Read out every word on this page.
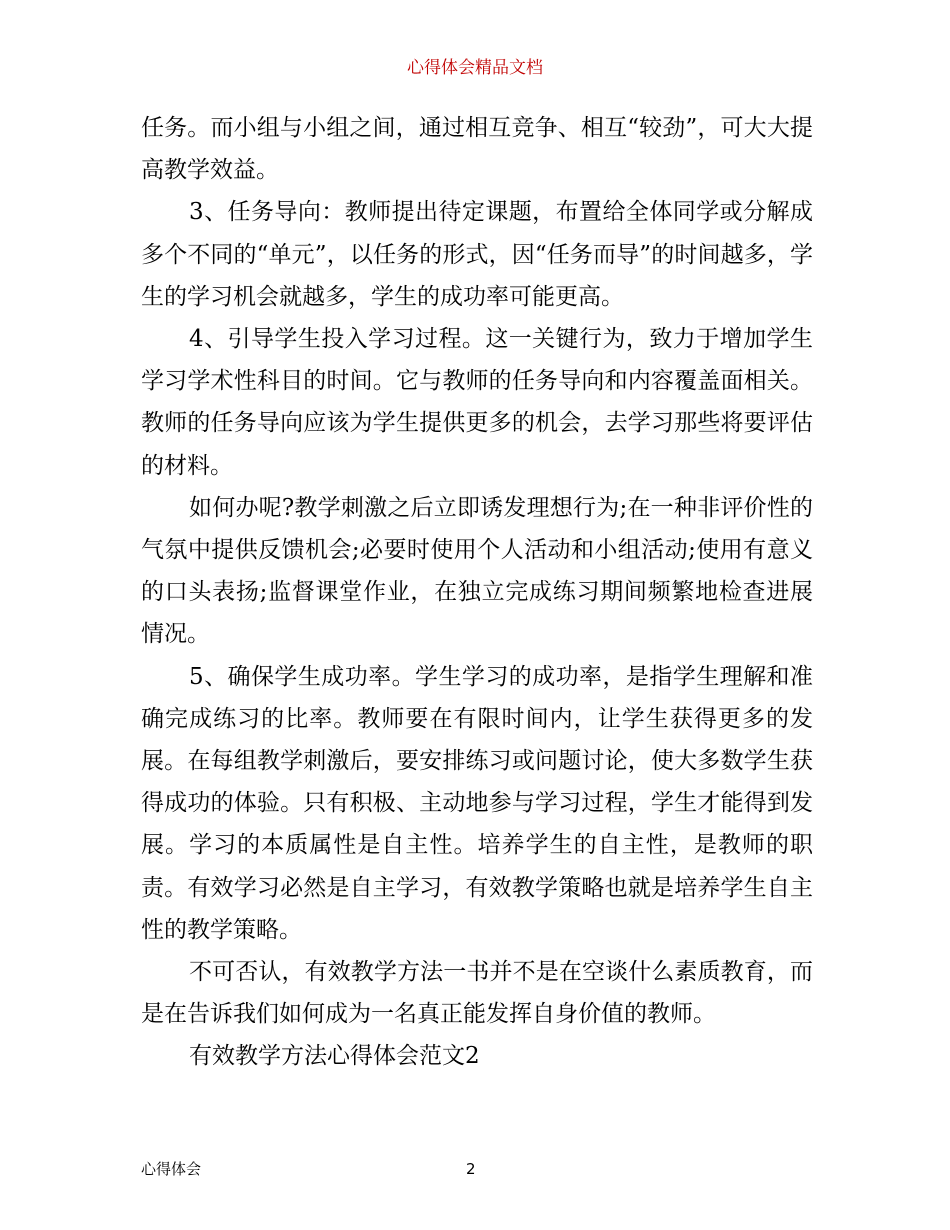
心得体会精品文档

任务。而小组与小组之间，通过相互竞争、相互“较劲”，可大大提高教学效益。

3、任务导向：教师提出待定课题，布置给全体同学或分解成多个不同的“单元”，以任务的形式，因“任务而导”的时间越多，学生的学习机会就越多，学生的成功率可能更高。

4、引导学生投入学习过程。这一关键行为，致力于增加学生学习学术性科目的时间。它与教师的任务导向和内容覆盖面相关。教师的任务导向应该为学生提供更多的机会，去学习那些将要评估的材料。

如何办呢?教学刺激之后立即诱发理想行为;在一种非评价性的气氛中提供反馈机会;必要时使用个人活动和小组活动;使用有意义的口头表扬;监督课堂作业，在独立完成练习期间频繁地检查进展情况。

5、确保学生成功率。学生学习的成功率，是指学生理解和准确完成练习的比率。教师要在有限时间内，让学生获得更多的发展。在每组教学刺激后，要安排练习或问题讨论，使大多数学生获得成功的体验。只有积极、主动地参与学习过程，学生才能得到发展。学习的本质属性是自主性。培养学生的自主性，是教师的职责。有效学习必然是自主学习，有效教学策略也就是培养学生自主性的教学策略。

不可否认，有效教学方法一书并不是在空谈什么素质教育，而是在告诉我们如何成为一名真正能发挥自身价值的教师。

有效教学方法心得体会范文2

心得体会	2
